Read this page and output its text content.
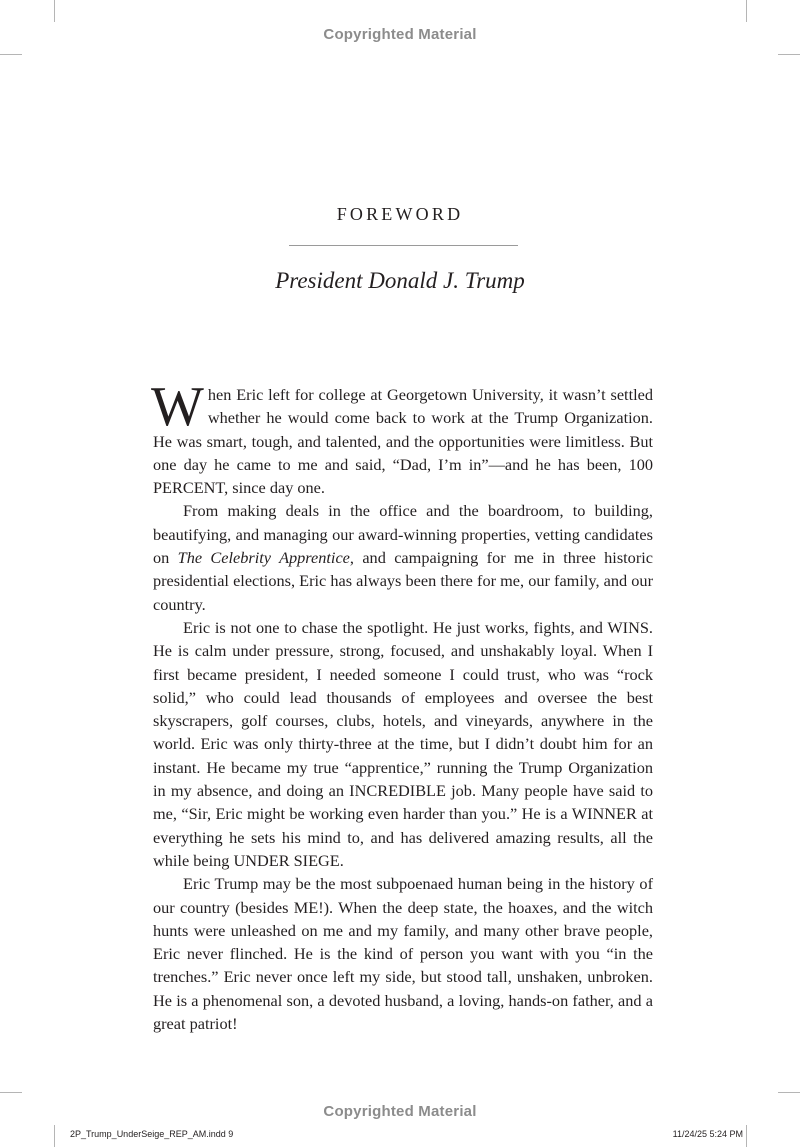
Copyrighted Material
FOREWORD
President Donald J. Trump

When Eric left for college at Georgetown University, it wasn’t settled whether he would come back to work at the Trump Organization. He was smart, tough, and talented, and the opportunities were limitless. But one day he came to me and said, “Dad, I’m in”—and he has been, 100 PERCENT, since day one.

From making deals in the office and the boardroom, to building, beautifying, and managing our award-winning properties, vetting candidates on The Celebrity Apprentice, and campaigning for me in three historic presidential elections, Eric has always been there for me, our family, and our country.

Eric is not one to chase the spotlight. He just works, fights, and WINS. He is calm under pressure, strong, focused, and unshakably loyal. When I first became president, I needed someone I could trust, who was “rock solid,” who could lead thousands of employees and oversee the best skyscrapers, golf courses, clubs, hotels, and vineyards, anywhere in the world. Eric was only thirty-three at the time, but I didn’t doubt him for an instant. He became my true “apprentice,” running the Trump Organization in my absence, and doing an INCREDIBLE job. Many people have said to me, “Sir, Eric might be working even harder than you.” He is a WINNER at everything he sets his mind to, and has delivered amazing results, all the while being UNDER SIEGE.

Eric Trump may be the most subpoenaed human being in the history of our country (besides ME!). When the deep state, the hoaxes, and the witch hunts were unleashed on me and my family, and many other brave people, Eric never flinched. He is the kind of person you want with you “in the trenches.” Eric never once left my side, but stood tall, unshaken, unbroken. He is a phenomenal son, a devoted husband, a loving, hands-on father, and a great patriot!

Copyrighted Material
2P_Trump_UnderSeige_REP_AM.indd 9	11/24/25 5:24 PM
